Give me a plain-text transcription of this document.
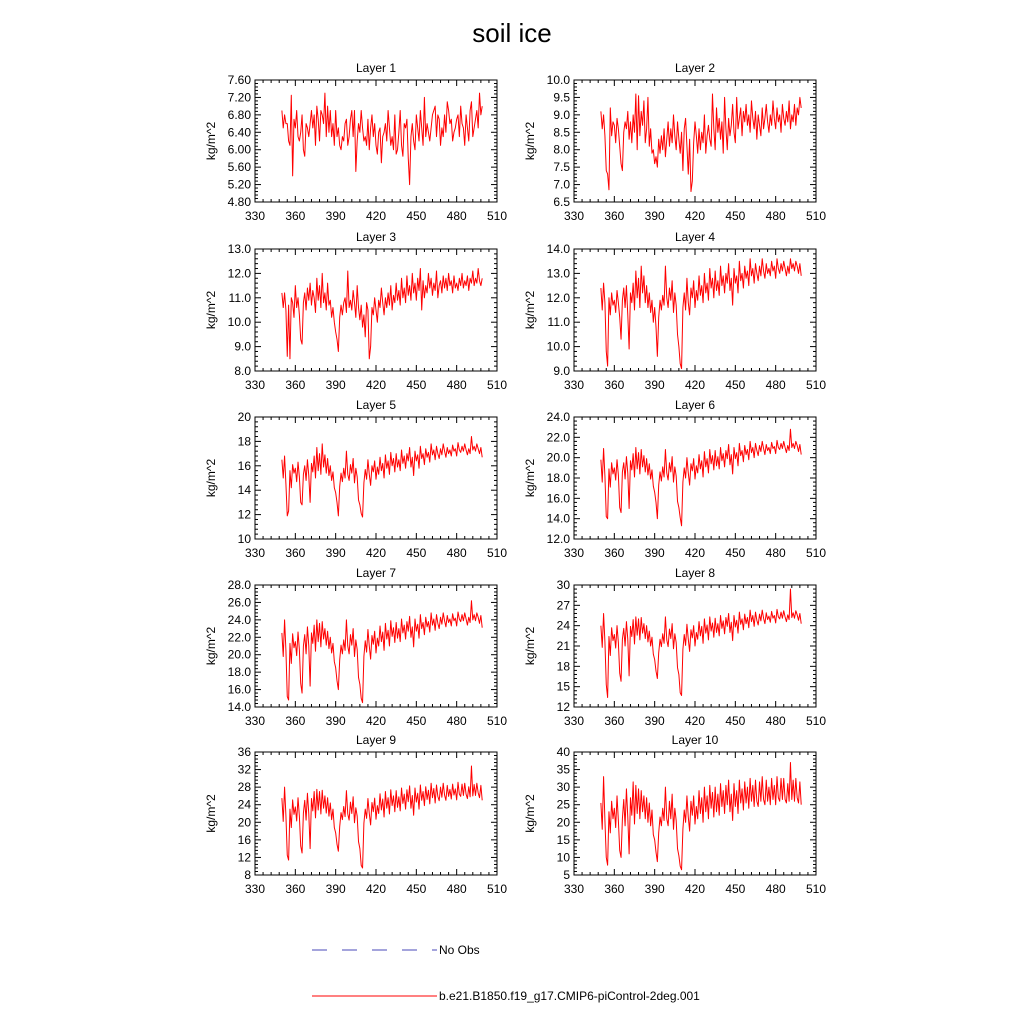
soil ice
Layer 1
kg/m^2
330 360 390 420 450 480 510
4.80
5.20
5.60
6.00
6.40
6.80
7.20
7.60
Layer 2
kg/m^2
330 360 390 420 450 480 510
6.5
7.0
7.5
8.0
8.5
9.0
9.5
10.0
Layer 3
kg/m^2
330 360 390 420 450 480 510
8.0
9.0
10.0
11.0
12.0
13.0
Layer 4
kg/m^2
330 360 390 420 450 480 510
9.0
10.0
11.0
12.0
13.0
14.0
Layer 5
kg/m^2
330 360 390 420 450 480 510
10
12
14
16
18
20
Layer 6
kg/m^2
330 360 390 420 450 480 510
12.0
14.0
16.0
18.0
20.0
22.0
24.0
Layer 7
kg/m^2
330 360 390 420 450 480 510
14.0
16.0
18.0
20.0
22.0
24.0
26.0
28.0
Layer 8
kg/m^2
330 360 390 420 450 480 510
12
15
18
21
24
27
30
Layer 9
kg/m^2
330 360 390 420 450 480 510
8
12
16
20
24
28
32
36
Layer 10
kg/m^2
330 360 390 420 450 480 510
5
10
15
20
25
30
35
40
No Obs
b.e21.B1850.f19_g17.CMIP6-piControl-2deg.001
